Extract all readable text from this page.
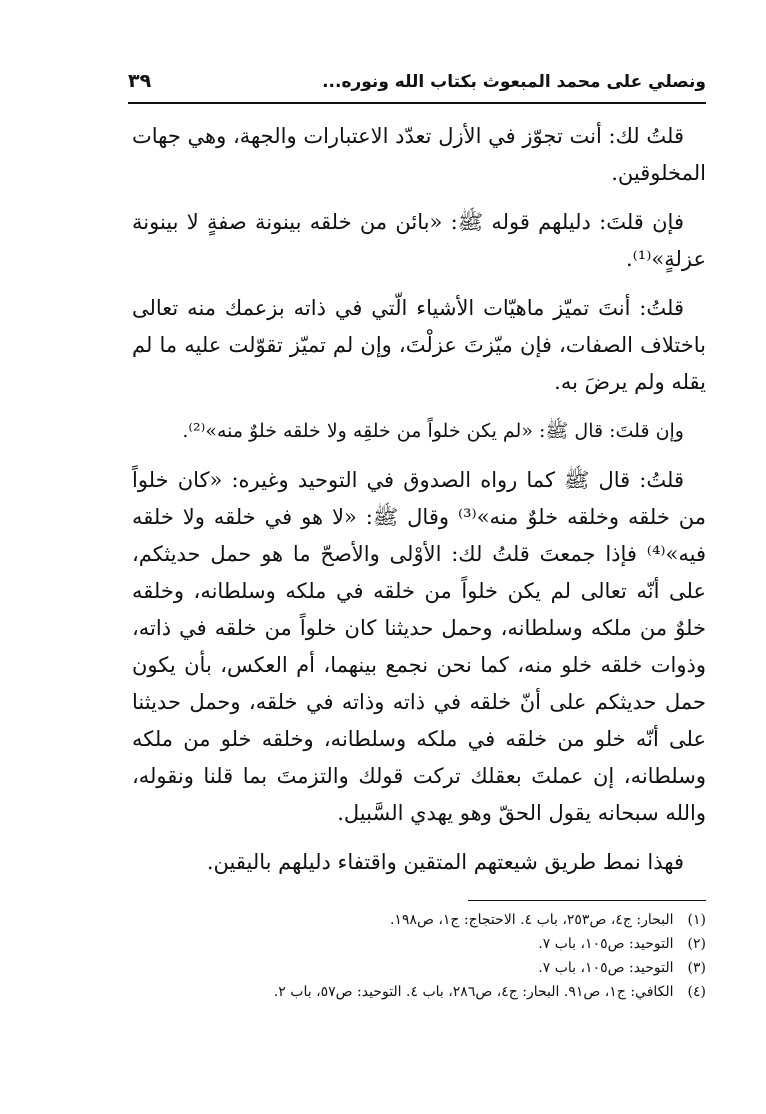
ونصلي على محمد المبعوث بكتاب الله ونوره...
٣٩

قلتُ لك: أنت تجوّز في الأزل تعدّد الاعتبارات والجهة، وهي جهات المخلوقين.

فإن قلتَ: دليلهم قوله ﷺ: «بائن من خلقه بينونة صفةٍ لا بينونة عزلةٍ»⁽¹⁾.

قلتُ: أنتَ تميّز ماهيّات الأشياء الّتي في ذاته بزعمك منه تعالى باختلاف الصفات، فإن ميّزتَ عزلْتَ، وإن لم تميّز تقوّلت عليه ما لم يقله ولم يرضَ به.

وإن قلتَ: قال ﷺ: «لم يكن خلواً من خلقِه ولا خلقه خلوٌ منه»⁽²⁾.

قلتُ: قال ﷺ كما رواه الصدوق في التوحيد وغيره: «كان خلواً من خلقه وخلقه خلوٌ منه»⁽³⁾ وقال ﷺ: «لا هو في خلقه ولا خلقه فيه»⁽⁴⁾ فإذا جمعتَ قلتُ لك: الأوْلى والأصحّ ما هو حمل حديثكم، على أنّه تعالى لم يكن خلواً من خلقه في ملكه وسلطانه، وخلقه خلوٌ من ملكه وسلطانه، وحمل حديثنا كان خلواً من خلقه في ذاته، وذوات خلقه خلو منه، كما نحن نجمع بينهما، أم العكس، بأن يكون حمل حديثكم على أنّ خلقه في ذاته وذاته في خلقه، وحمل حديثنا على أنّه خلو من خلقه في ملكه وسلطانه، وخلقه خلو من ملكه وسلطانه، إن عملتَ بعقلك تركت قولك والتزمتَ بما قلنا ونقوله، والله سبحانه يقول الحقّ وهو يهدي السَّبيل.

فهذا نمط طريق شيعتهم المتقين واقتفاء دليلهم باليقين.

(١) البحار: ج٤، ص٢٥٣، باب ٤. الاحتجاج: ج١، ص١٩٨.

(٢) التوحيد: ص١٠٥، باب ٧.

(٣) التوحيد: ص١٠٥، باب ٧.

(٤) الكافي: ج١، ص٩١. البحار: ج٤، ص٢٨٦، باب ٤. التوحيد: ص٥٧، باب ٢.
